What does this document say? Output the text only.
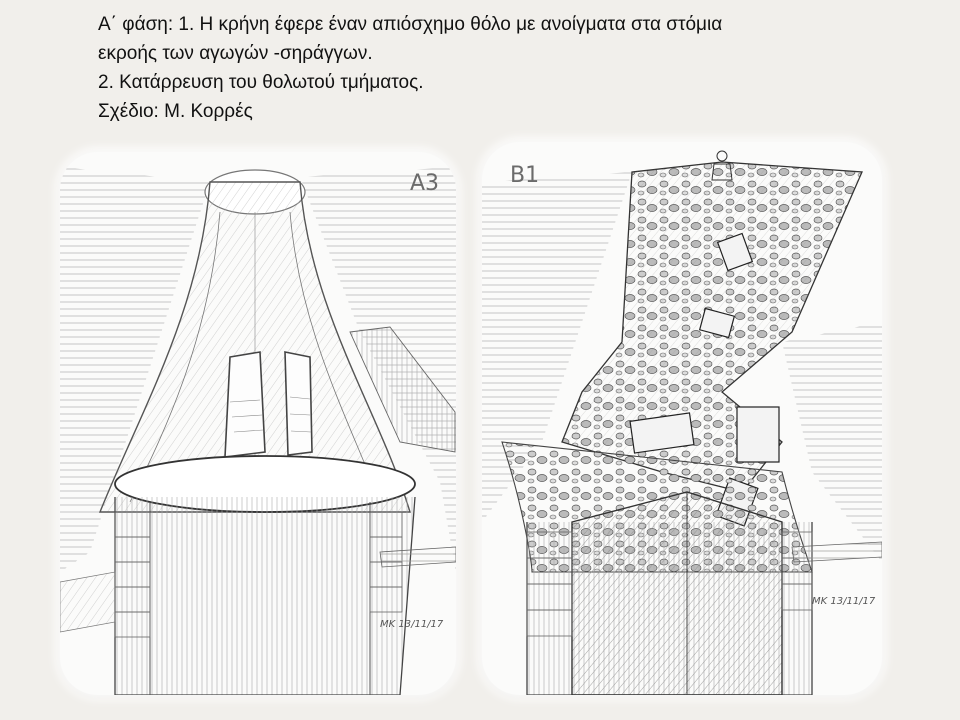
Α΄ φάση: 1. Η κρήνη έφερε έναν απιόσχημο θόλο με ανοίγματα στα στόμια
εκροής των αγωγών -σηράγγων.
2. Κατάρρευση του θολωτού τμήματος.
Σχέδιο: Μ. Κορρές
A3
ΜΚ 13/11/17
B1
ΜΚ 13/11/17
